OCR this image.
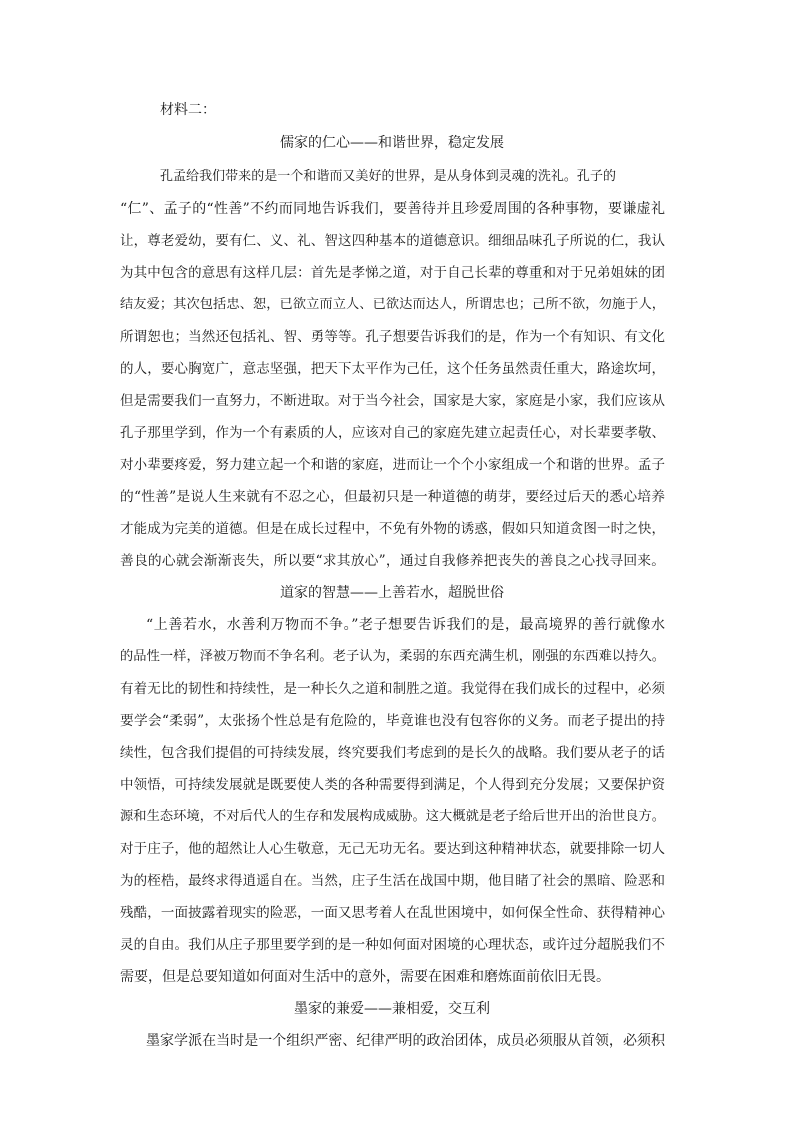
材料二：
儒家的仁心——和谐世界，稳定发展
孔孟给我们带来的是一个和谐而又美好的世界，是从身体到灵魂的洗礼。孔子的
“仁”、孟子的“性善”不约而同地告诉我们，要善待并且珍爱周围的各种事物，要谦虚礼
让，尊老爱幼，要有仁、义、礼、智这四种基本的道德意识。细细品味孔子所说的仁，我认
为其中包含的意思有这样几层：首先是孝悌之道，对于自己长辈的尊重和对于兄弟姐妹的团
结友爱；其次包括忠、恕，已欲立而立人、已欲达而达人，所谓忠也；己所不欲，勿施于人，
所谓恕也；当然还包括礼、智、勇等等。孔子想要告诉我们的是，作为一个有知识、有文化
的人，要心胸宽广，意志坚强，把天下太平作为己任，这个任务虽然责任重大，路途坎坷，
但是需要我们一直努力，不断进取。对于当今社会，国家是大家，家庭是小家，我们应该从
孔子那里学到，作为一个有素质的人，应该对自己的家庭先建立起责任心，对长辈要孝敬、
对小辈要疼爱，努力建立起一个和谐的家庭，进而让一个个小家组成一个和谐的世界。孟子
的“性善”是说人生来就有不忍之心，但最初只是一种道德的萌芽，要经过后天的悉心培养
才能成为完美的道德。但是在成长过程中，不免有外物的诱惑，假如只知道贪图一时之快，
善良的心就会渐渐丧失，所以要“求其放心”，通过自我修养把丧失的善良之心找寻回来。
道家的智慧——上善若水，超脱世俗
“上善若水，水善利万物而不争。”老子想要告诉我们的是，最高境界的善行就像水
的品性一样，泽被万物而不争名利。老子认为，柔弱的东西充满生机，刚强的东西难以持久。
有着无比的韧性和持续性，是一种长久之道和制胜之道。我觉得在我们成长的过程中，必须
要学会“柔弱”，太张扬个性总是有危险的，毕竟谁也没有包容你的义务。而老子提出的持
续性，包含我们提倡的可持续发展，终究要我们考虑到的是长久的战略。我们要从老子的话
中领悟，可持续发展就是既要使人类的各种需要得到满足，个人得到充分发展；又要保护资
源和生态环境，不对后代人的生存和发展构成威胁。这大概就是老子给后世开出的治世良方。
对于庄子，他的超然让人心生敬意，无己无功无名。要达到这种精神状态，就要排除一切人
为的桎梏，最终求得逍遥自在。当然，庄子生活在战国中期，他目睹了社会的黑暗、险恶和
残酷，一面披露着现实的险恶，一面又思考着人在乱世困境中，如何保全性命、获得精神心
灵的自由。我们从庄子那里要学到的是一种如何面对困境的心理状态，或许过分超脱我们不
需要，但是总要知道如何面对生活中的意外，需要在困难和磨炼面前依旧无畏。
墨家的兼爱——兼相爱，交互利
墨家学派在当时是一个组织严密、纪律严明的政治团体，成员必须服从首领，必须积
